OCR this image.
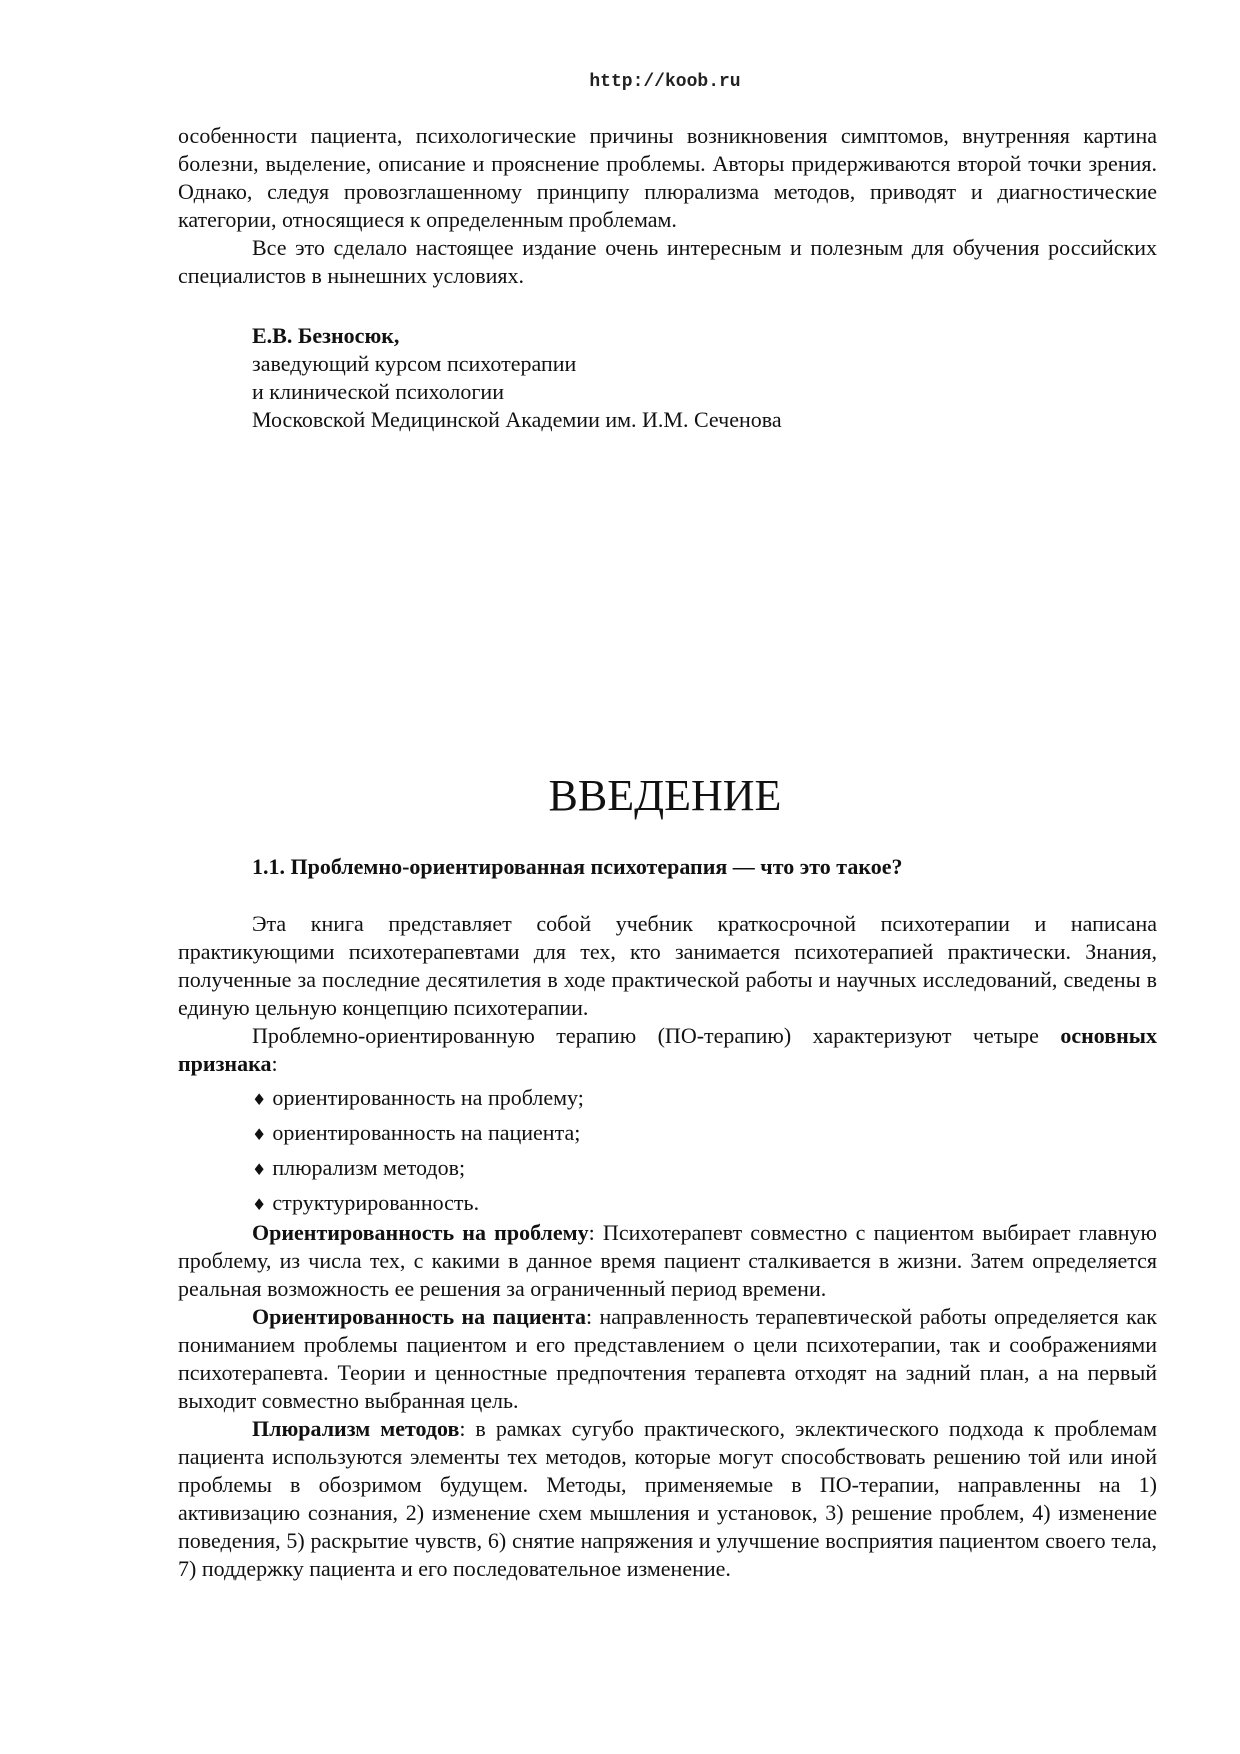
http://koob.ru

особенности пациента, психологические причины возникновения симптомов, внутренняя картина болезни, выделение, описание и прояснение проблемы. Авторы придерживаются второй точки зрения. Однако, следуя провозглашенному принципу плюрализма методов, приводят и диагностические категории, относящиеся к определенным проблемам.

Все это сделало настоящее издание очень интересным и полезным для обучения российских специалистов в нынешних условиях.

Е.В. Безносюк,
заведующий курсом психотерапии
и клинической психологии
Московской Медицинской Академии им. И.М. Сеченова
ВВЕДЕНИЕ
1.1. Проблемно-ориентированная психотерапия — что это такое?

Эта книга представляет собой учебник краткосрочной психотерапии и написана практикующими психотерапевтами для тех, кто занимается психотерапией практически. Знания, полученные за последние десятилетия в ходе практической работы и научных исследований, сведены в единую цельную концепцию психотерапии.

Проблемно-ориентированную терапию (ПО-терапию) характеризуют четыре основных признака:

♦ ориентированность на проблему;
♦ ориентированность на пациента;
♦ плюрализм методов;
♦ структурированность.

Ориентированность на проблему: Психотерапевт совместно с пациентом выбирает главную проблему, из числа тех, с какими в данное время пациент сталкивается в жизни. Затем определяется реальная возможность ее решения за ограниченный период времени.

Ориентированность на пациента: направленность терапевтической работы определяется как пониманием проблемы пациентом и его представлением о цели психотерапии, так и соображениями психотерапевта. Теории и ценностные предпочтения терапевта отходят на задний план, а на первый выходит совместно выбранная цель.

Плюрализм методов: в рамках сугубо практического, эклектического подхода к проблемам пациента используются элементы тех методов, которые могут способствовать решению той или иной проблемы в обозримом будущем. Методы, применяемые в ПО-терапии, направленны на 1) активизацию сознания, 2) изменение схем мышления и установок, 3) решение проблем, 4) изменение поведения, 5) раскрытие чувств, 6) снятие напряжения и улучшение восприятия пациентом своего тела, 7) поддержку пациента и его последовательное изменение.
